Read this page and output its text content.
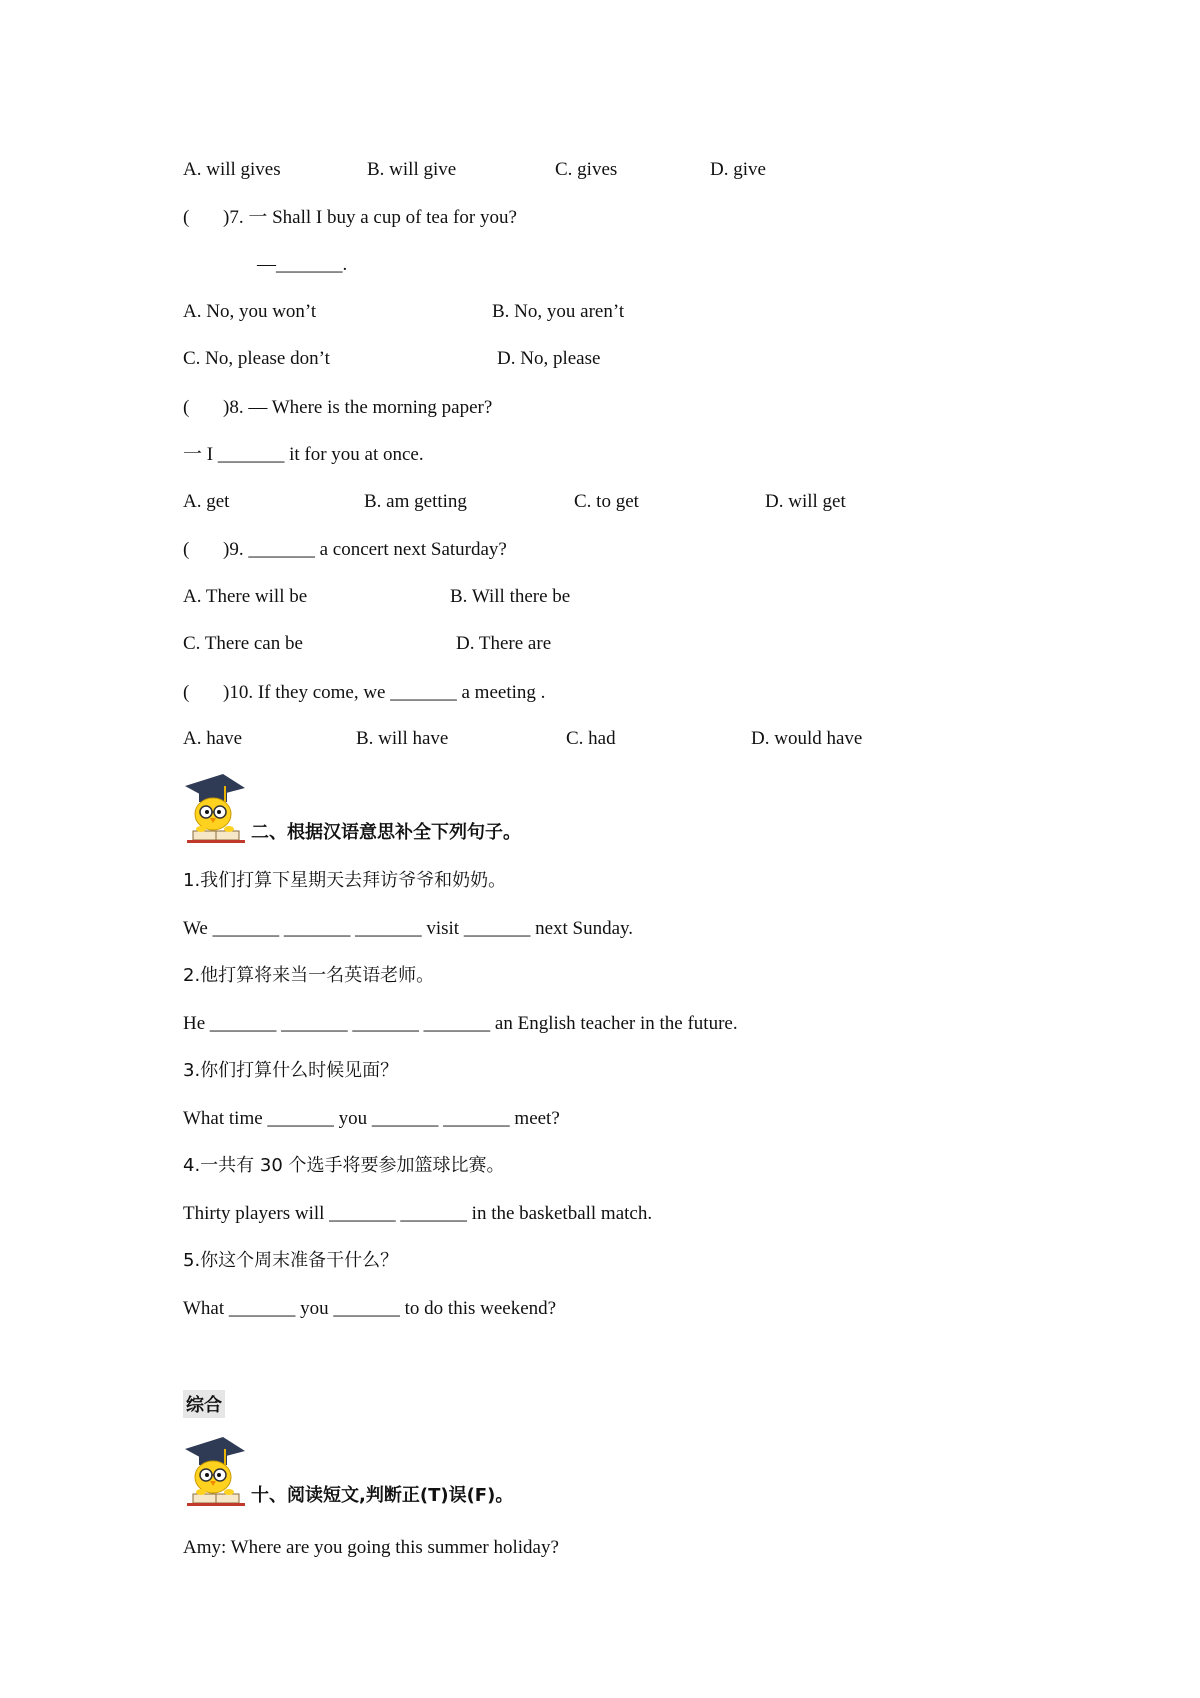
A. will gives	B. will give	C. gives	D. give
( )7. 一 Shall I buy a cup of tea for you?
—_______.
A. No, you won’t	B. No, you aren’t
C. No, please don’t	D. No, please
( )8. — Where is the morning paper?
一 I _______ it for you at once.
A. get	B. am getting	C. to get	D. will get
( )9. _______ a concert next Saturday?
A. There will be	B. Will there be
C. There can be	D. There are
( )10. If they come, we _______ a meeting .
A. have	B. will have	C. had	D. would have
二、根据汉语意思补全下列句子。
1.我们打算下星期天去拜访爷爷和奶奶。
We _______ _______ _______ visit _______ next Sunday.
2.他打算将来当一名英语老师。
He _______ _______ _______ _______ an English teacher in the future.
3.你们打算什么时候见面？
What time _______ you _______ _______ meet?
4.一共有 30 个选手将要参加篮球比赛。
Thirty players will _______ _______ in the basketball match.
5.你这个周末准备干什么？
What _______ you _______ to do this weekend?
综合
十、阅读短文,判断正(T)误(F)。
Amy: Where are you going this summer holiday?
